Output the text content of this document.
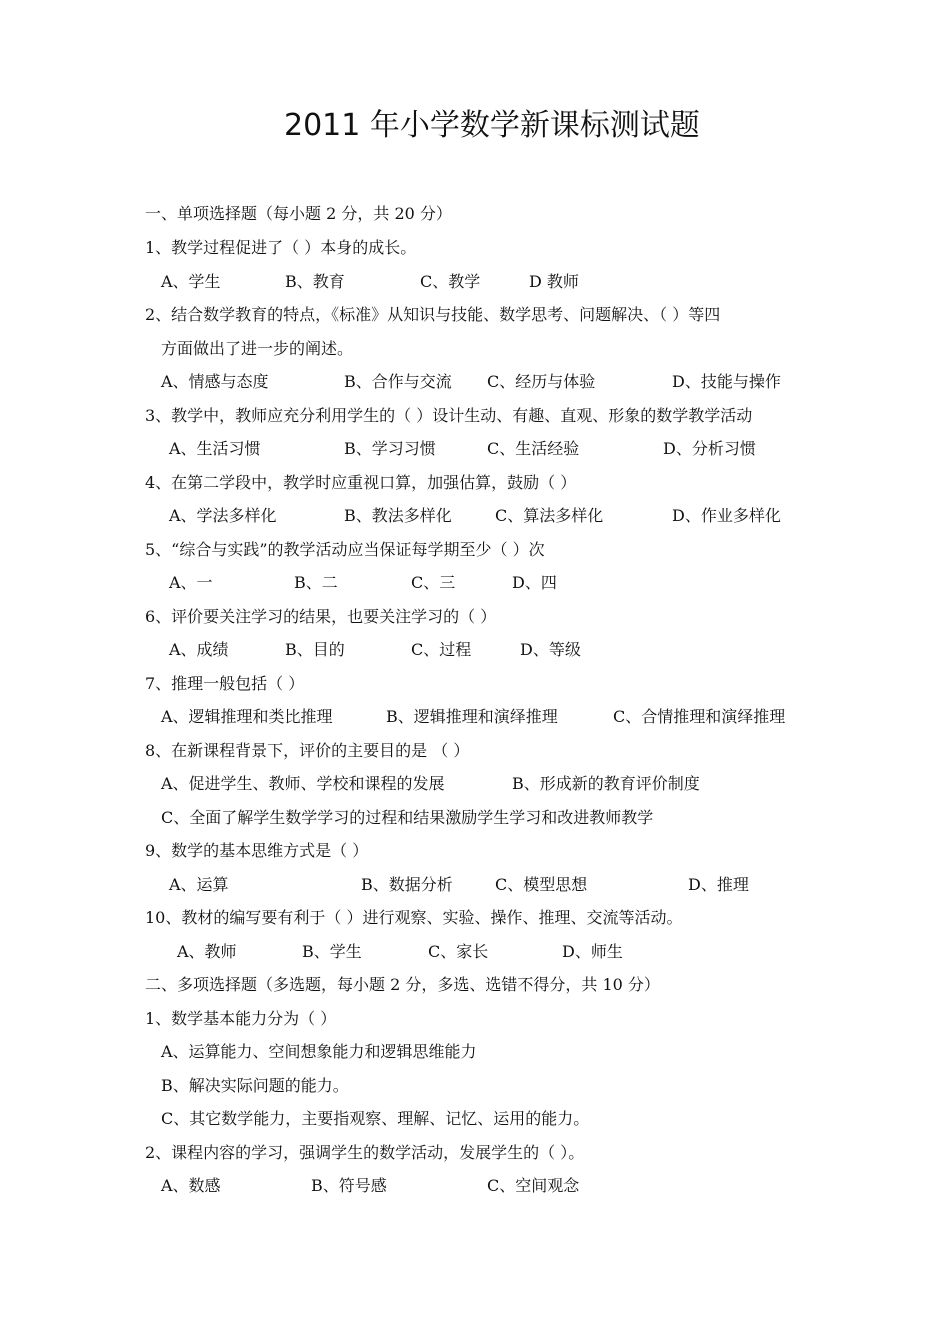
2011 年小学数学新课标测试题
一、单项选择题（每小题 2 分，共 20 分）
1、教学过程促进了（ ）本身的成长。
A、学生	B、教育	C、教学	D 教师
2、结合数学教育的特点，《标准》从知识与技能、数学思考、问题解决、（ ）等四
方面做出了进一步的阐述。
A、情感与态度	B、合作与交流 C、经历与体验	D、技能与操作
3、教学中，教师应充分利用学生的（ ）设计生动、有趣、直观、形象的数学教学活动
A、生活习惯	B、学习习惯	C、生活经验	D、分析习惯
4、在第二学段中，教学时应重视口算，加强估算，鼓励（ ）
A、学法多样化	B、教法多样化	C、算法多样化	D、作业多样化
5、“综合与实践”的教学活动应当保证每学期至少（ ）次
A、一	B、二	C、三	D、四
6、评价要关注学习的结果，也要关注学习的（ ）
A、成绩	B、目的	C、过程	D、等级
7、推理一般包括（ ）
A、逻辑推理和类比推理	B、逻辑推理和演绎推理	C、合情推理和演绎推理
8、在新课程背景下，评价的主要目的是 （ ）
A、促进学生、教师、学校和课程的发展	B、形成新的教育评价制度
C、全面了解学生数学学习的过程和结果激励学生学习和改进教师教学
9、数学的基本思维方式是（ ）
A、运算	B、数据分析	C、模型思想	D、推理
10、教材的编写要有利于（ ）进行观察、实验、操作、推理、交流等活动。
A、教师	B、学生	C、家长	D、师生
二、多项选择题（多选题，每小题 2 分，多选、选错不得分，共 10 分）
1、数学基本能力分为（ ）
A、运算能力、空间想象能力和逻辑思维能力
B、解决实际问题的能力。
C、其它数学能力，主要指观察、理解、记忆、运用的能力。
2、课程内容的学习，强调学生的数学活动，发展学生的（ ）。
A、数感	B、符号感	C、空间观念
